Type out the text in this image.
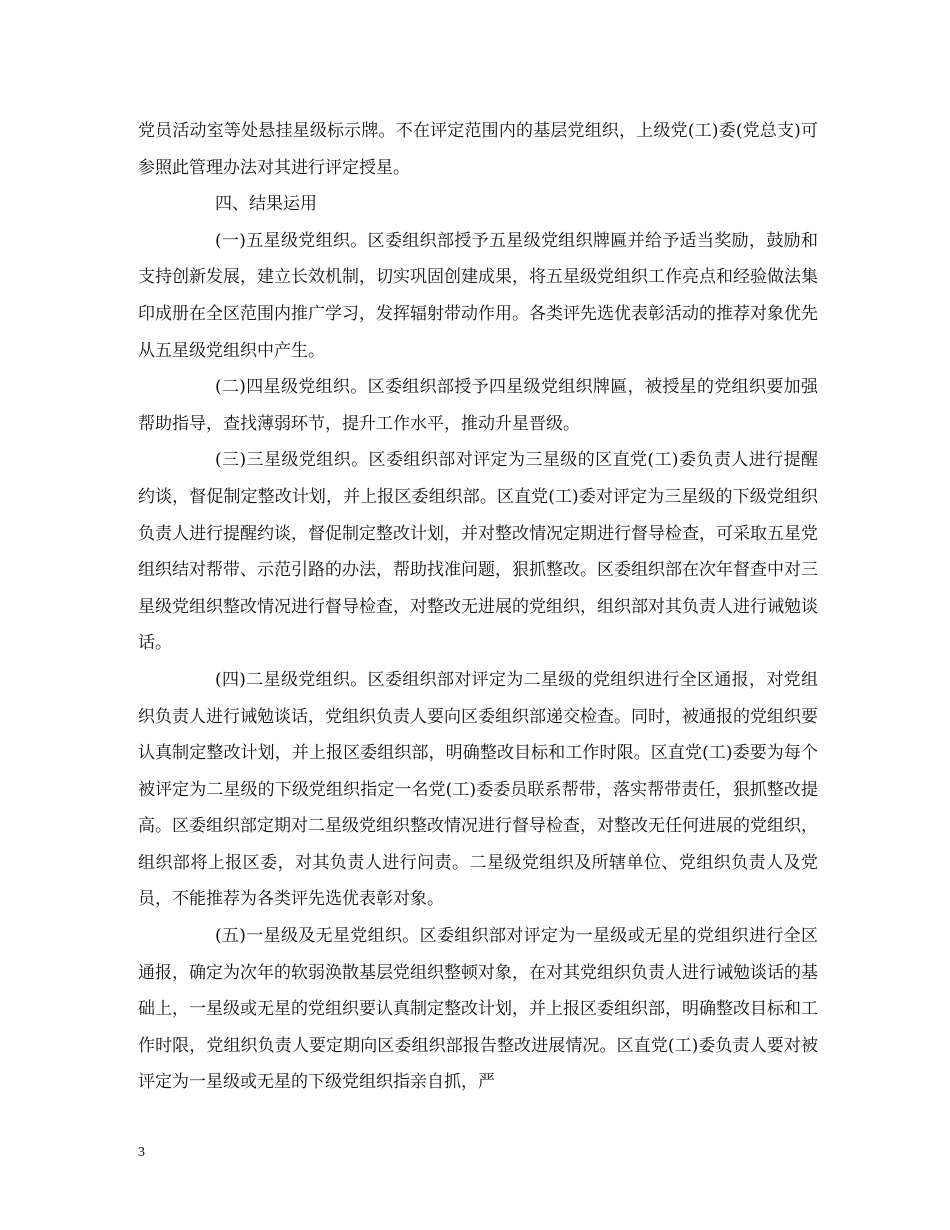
党员活动室等处悬挂星级标示牌。不在评定范围内的基层党组织，上级党(工)委(党总支)可参照此管理办法对其进行评定授星。

四、结果运用

(一)五星级党组织。区委组织部授予五星级党组织牌匾并给予适当奖励，鼓励和支持创新发展，建立长效机制，切实巩固创建成果，将五星级党组织工作亮点和经验做法集印成册在全区范围内推广学习，发挥辐射带动作用。各类评先选优表彰活动的推荐对象优先从五星级党组织中产生。

(二)四星级党组织。区委组织部授予四星级党组织牌匾，被授星的党组织要加强帮助指导，查找薄弱环节，提升工作水平，推动升星晋级。

(三)三星级党组织。区委组织部对评定为三星级的区直党(工)委负责人进行提醒约谈，督促制定整改计划，并上报区委组织部。区直党(工)委对评定为三星级的下级党组织负责人进行提醒约谈，督促制定整改计划，并对整改情况定期进行督导检查，可采取五星党组织结对帮带、示范引路的办法，帮助找准问题，狠抓整改。区委组织部在次年督查中对三星级党组织整改情况进行督导检查，对整改无进展的党组织，组织部对其负责人进行诫勉谈话。

(四)二星级党组织。区委组织部对评定为二星级的党组织进行全区通报，对党组织负责人进行诫勉谈话，党组织负责人要向区委组织部递交检查。同时，被通报的党组织要认真制定整改计划，并上报区委组织部，明确整改目标和工作时限。区直党(工)委要为每个被评定为二星级的下级党组织指定一名党(工)委委员联系帮带，落实帮带责任，狠抓整改提高。区委组织部定期对二星级党组织整改情况进行督导检查，对整改无任何进展的党组织，组织部将上报区委，对其负责人进行问责。二星级党组织及所辖单位、党组织负责人及党员，不能推荐为各类评先选优表彰对象。

(五)一星级及无星党组织。区委组织部对评定为一星级或无星的党组织进行全区通报，确定为次年的软弱涣散基层党组织整顿对象，在对其党组织负责人进行诫勉谈话的基础上，一星级或无星的党组织要认真制定整改计划，并上报区委组织部，明确整改目标和工作时限，党组织负责人要定期向区委组织部报告整改进展情况。区直党(工)委负责人要对被评定为一星级或无星的下级党组织指亲自抓，严

3
